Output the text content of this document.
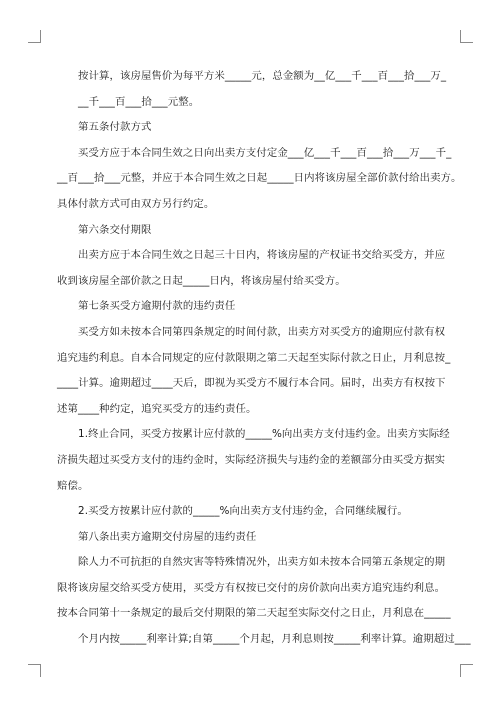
按计算，该房屋售价为每平方米_____元，总金额为__亿___千___百___拾___万_

__千___百___拾___元整。

第五条付款方式

买受方应于本合同生效之日向出卖方支付定金___亿___千___百___拾___万___千_

__百___拾___元整，并应于本合同生效之日起_____日内将该房屋全部价款付给出卖方。

具体付款方式可由双方另行约定。

第六条交付期限

出卖方应于本合同生效之日起三十日内，将该房屋的产权证书交给买受方，并应

收到该房屋全部价款之日起_____日内，将该房屋付给买受方。

第七条买受方逾期付款的违约责任

买受方如未按本合同第四条规定的时间付款，出卖方对买受方的逾期应付款有权

追究违约利息。自本合同规定的应付款限期之第二天起至实际付款之日止，月利息按_

____计算。逾期超过____天后，即视为买受方不履行本合同。届时，出卖方有权按下

述第____种约定，追究买受方的违约责任。

1.终止合同，买受方按累计应付款的_____%向出卖方支付违约金。出卖方实际经

济损失超过买受方支付的违约金时，实际经济损失与违约金的差额部分由买受方据实

赔偿。

2.买受方按累计应付款的_____%向出卖方支付违约金，合同继续履行。

第八条出卖方逾期交付房屋的违约责任

除人力不可抗拒的自然灾害等特殊情况外，出卖方如未按本合同第五条规定的期

限将该房屋交给买受方使用，买受方有权按已交付的房价款向出卖方追究违约利息。

按本合同第十一条规定的最后交付期限的第二天起至实际交付之日止，月利息在_____

个月内按_____利率计算;自第_____个月起，月利息则按_____利率计算。逾期超过___
